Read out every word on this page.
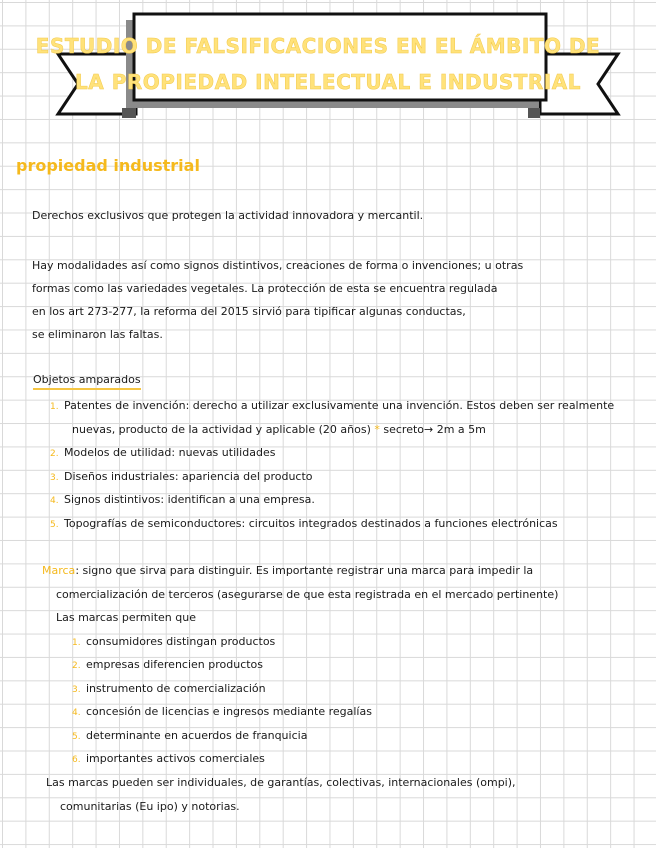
ESTUDIO DE FALSIFICACIONES EN EL ÁMBITO DE
LA PROPIEDAD INTELECTUAL E INDUSTRIAL
propiedad industrial
Derechos exclusivos que protegen la actividad innovadora y mercantil.
Hay modalidades así como signos distintivos, creaciones de forma o invenciones; u otras
formas como las variedades vegetales. La protección de esta se encuentra regulada
en los art 273-277, la reforma del 2015 sirvió para tipificar algunas conductas,
se eliminaron las faltas.
Objetos amparados
1. Patentes de invención: derecho a utilizar exclusivamente una invención. Estos deben ser realmente
nuevas, producto de la actividad y aplicable (20 años) * secreto→ 2m a 5m
2. Modelos de utilidad: nuevas utilidades
3. Diseños industriales: apariencia del producto
4. Signos distintivos: identifican a una empresa.
5. Topografías de semiconductores: circuitos integrados destinados a funciones electrónicas
Marca: signo que sirva para distinguir. Es importante registrar una marca para impedir la
comercialización de terceros (asegurarse de que esta registrada en el mercado pertinente)
Las marcas permiten que
1. consumidores distingan productos
2. empresas diferencien productos
3. instrumento de comercialización
4. concesión de licencias e ingresos mediante regalías
5. determinante en acuerdos de franquicia
6. importantes activos comerciales
Las marcas pueden ser individuales, de garantías, colectivas, internacionales (ompi),
comunitarias (Eu ipo) y notorias.
